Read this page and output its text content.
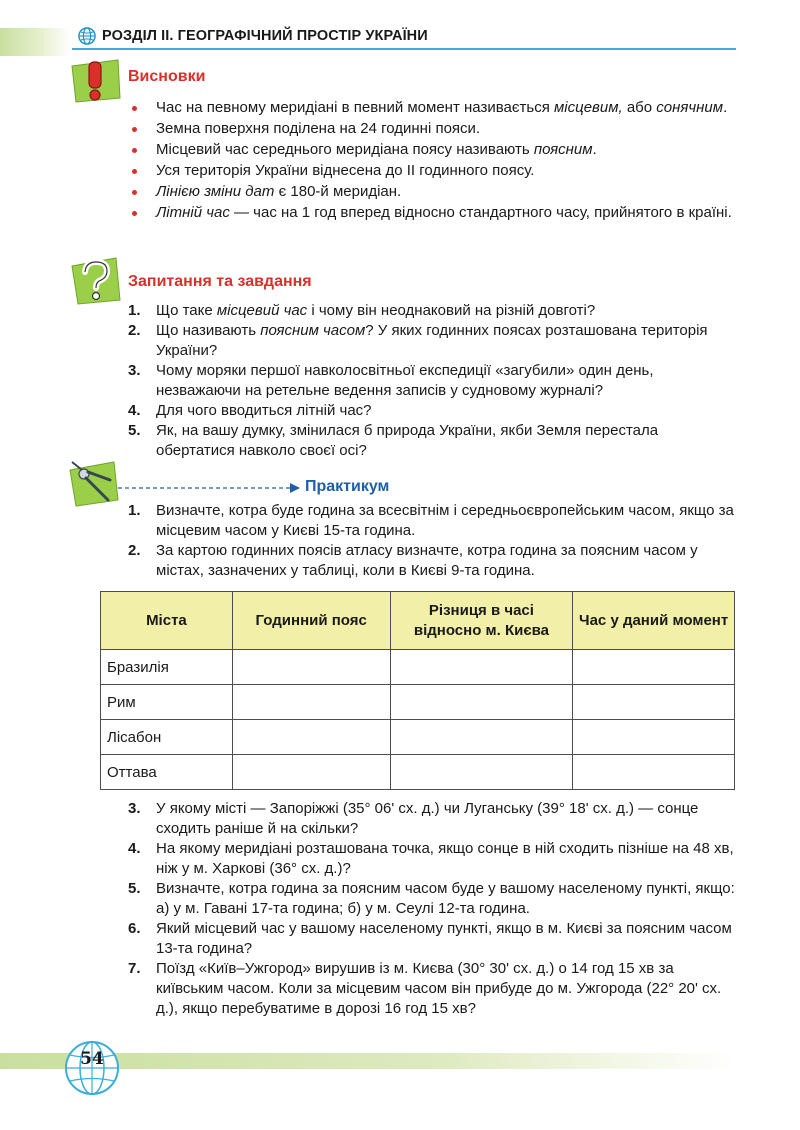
РОЗДІЛ ІІ. ГЕОГРАФІЧНИЙ ПРОСТІР УКРАЇНИ
Висновки
Час на певному меридіані в певний момент називається місцевим, або сонячним.
Земна поверхня поділена на 24 годинні пояси.
Місцевий час середнього меридіана поясу називають поясним.
Уся територія України віднесена до II годинного поясу.
Лінією зміни дат є 180-й меридіан.
Літній час — час на 1 год вперед відносно стандартного часу, прийнятого в країні.
Запитання та завдання
1. Що таке місцевий час і чому він неоднаковий на різній довготі?
2. Що називають поясним часом? У яких годинних поясах розташована територія України?
3. Чому моряки першої навколосвітньої експедиції «загубили» один день, незважаючи на ретельне ведення записів у судновому журналі?
4. Для чого вводиться літній час?
5. Як, на вашу думку, змінилася б природа України, якби Земля перестала обертатися навколо своєї осі?
Практикум
1. Визначте, котра буде година за всесвітнім і середньоєвропейським часом, якщо за місцевим часом у Києві 15-та година.
2. За картою годинних поясів атласу визначте, котра година за поясним часом у містах, зазначених у таблиці, коли в Києві 9-та година.
Міста	Годинний пояс	Різниця в часі відносно м. Києва	Час у даний момент
Бразилія			
Рим			
Лісабон			
Оттава			
3. У якому місті — Запоріжжі (35° 06' сх. д.) чи Луганську (39° 18' сх. д.) — сонце сходить раніше й на скільки?
4. На якому меридіані розташована точка, якщо сонце в ній сходить пізніше на 48 хв, ніж у м. Харкові (36° сх. д.)?
5. Визначте, котра година за поясним часом буде у вашому населеному пункті, якщо: а) у м. Гавані 17-та година; б) у м. Сеулі 12-та година.
6. Який місцевий час у вашому населеному пункті, якщо в м. Києві за поясним часом 13-та година?
7. Поїзд «Київ–Ужгород» вирушив із м. Києва (30° 30' сх. д.) о 14 год 15 хв за київським часом. Коли за місцевим часом він прибуде до м. Ужгорода (22° 20' сх. д.), якщо перебуватиме в дорозі 16 год 15 хв?
54
